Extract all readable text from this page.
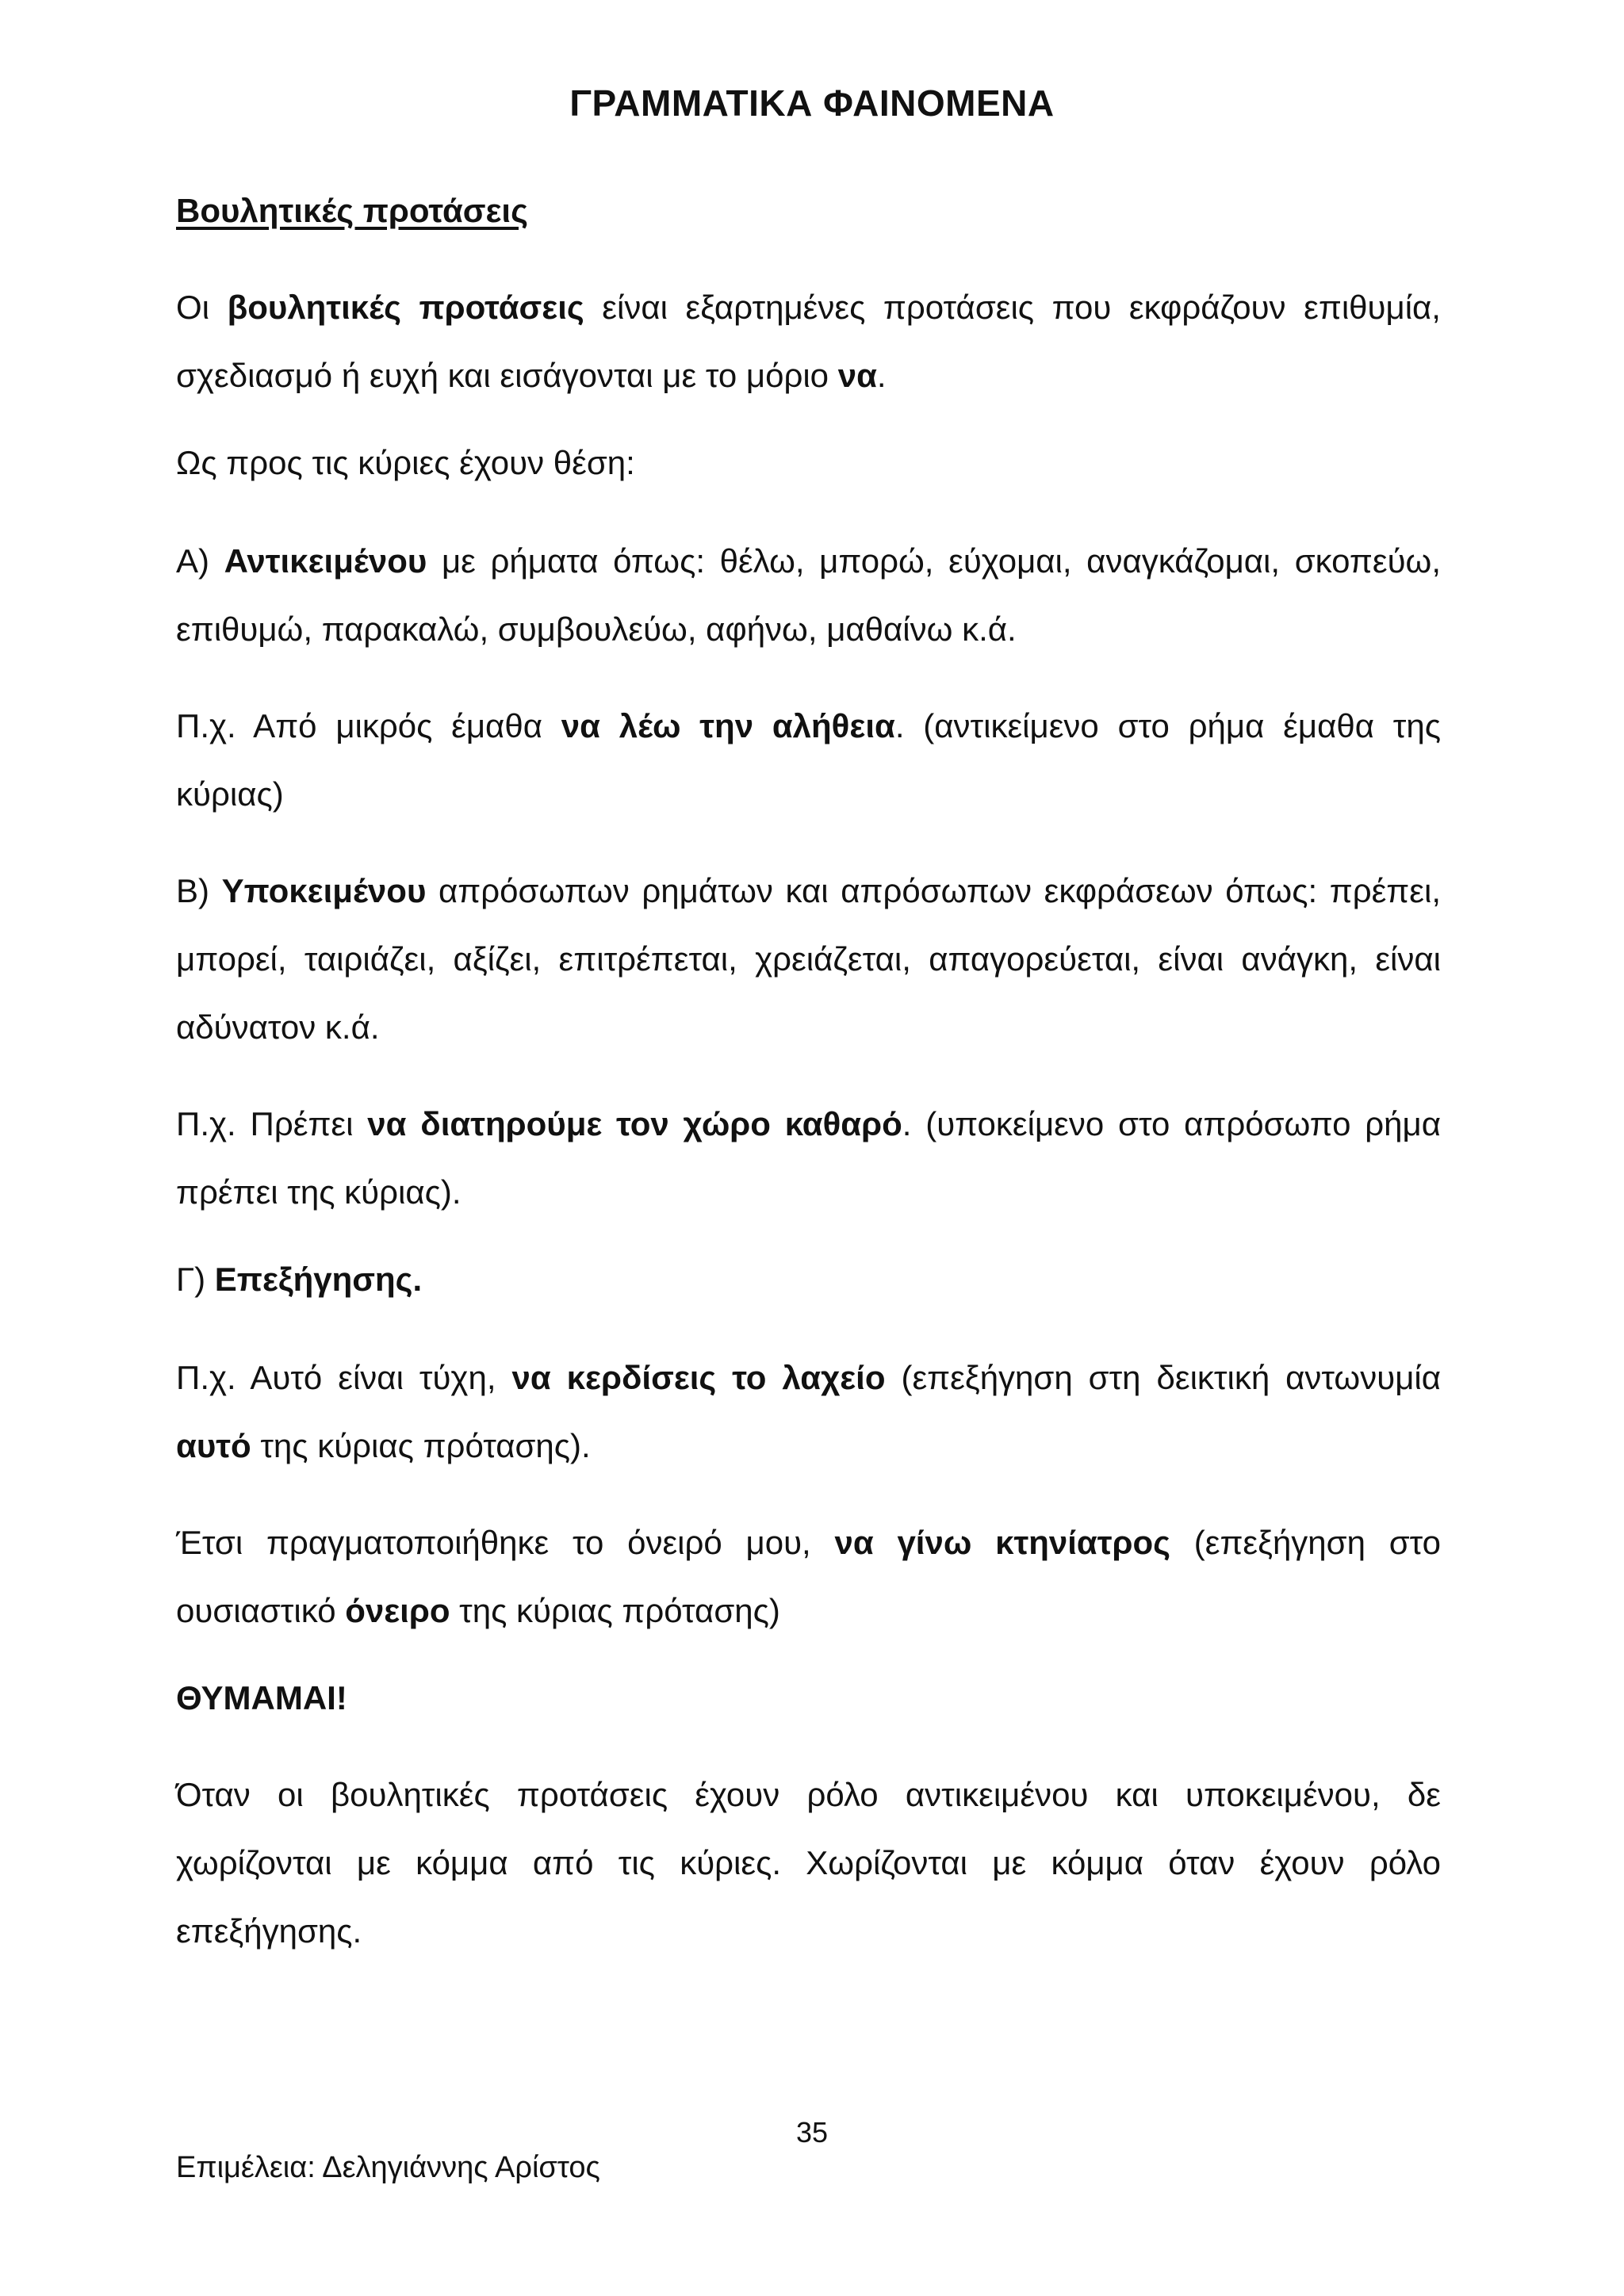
ΓΡΑΜΜΑΤΙΚΑ ΦΑΙΝΟΜΕΝΑ
Βουλητικές προτάσεις

Οι βουλητικές προτάσεις είναι εξαρτημένες προτάσεις που εκφράζουν επιθυμία, σχεδιασμό ή ευχή και εισάγονται με το μόριο να.

Ως προς τις κύριες έχουν θέση:

Α) Αντικειμένου με ρήματα όπως: θέλω, μπορώ, εύχομαι, αναγκάζομαι, σκοπεύω, επιθυμώ, παρακαλώ, συμβουλεύω, αφήνω, μαθαίνω κ.ά.

Π.χ. Από μικρός έμαθα να λέω την αλήθεια. (αντικείμενο στο ρήμα έμαθα της κύριας)

Β) Υποκειμένου απρόσωπων ρημάτων και απρόσωπων εκφράσεων όπως: πρέπει, μπορεί, ταιριάζει, αξίζει, επιτρέπεται, χρειάζεται, απαγορεύεται, είναι ανάγκη, είναι αδύνατον κ.ά.

Π.χ. Πρέπει να διατηρούμε τον χώρο καθαρό. (υποκείμενο στο απρόσωπο ρήμα πρέπει της κύριας).

Γ) Επεξήγησης.

Π.χ. Αυτό είναι τύχη, να κερδίσεις το λαχείο (επεξήγηση στη δεικτική αντωνυμία αυτό της κύριας πρότασης).

Έτσι πραγματοποιήθηκε το όνειρό μου, να γίνω κτηνίατρος (επεξήγηση στο ουσιαστικό όνειρο της κύριας πρότασης)

ΘΥΜΑΜΑΙ!

Όταν οι βουλητικές προτάσεις έχουν ρόλο αντικειμένου και υποκειμένου, δε χωρίζονται με κόμμα από τις κύριες. Χωρίζονται με κόμμα όταν έχουν ρόλο επεξήγησης.

35
Επιμέλεια: Δεληγιάννης Αρίστος
